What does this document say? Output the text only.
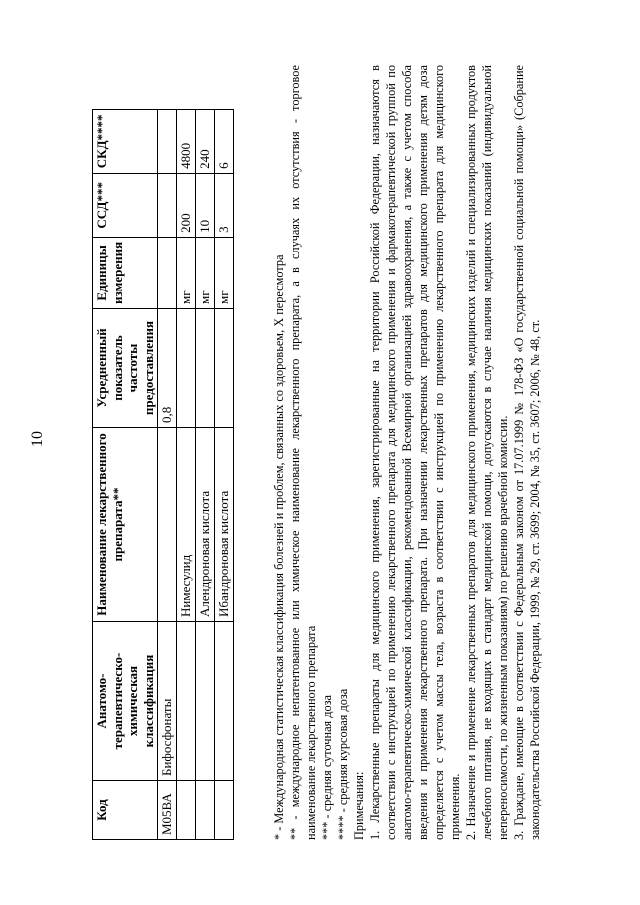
10
Код	Анатомо-терапевтическо-химическая классификация	Наименование лекарственного препарата**	Усредненный показатель частоты предоставления	Единицы измерения	ССД***	СКД****
М05ВА	Бифосфонаты		0,8			
		Нимесулид		мг	200	4800
		Алендроновая кислота		мг	10	240
		Ибандроновая кислота		мг	3	6

* - Международная статистическая классификация болезней и проблем, связанных со здоровьем, X пересмотра ** - международное непатентованное или химическое наименование лекарственного препарата, а в случаях их отсутствия - торговое наименование лекарственного препарата *** - средняя суточная доза **** - средняя курсовая доза Примечания: 1. Лекарственные препараты для медицинского применения, зарегистрированные на территории Российской Федерации, назначаются в соответствии с инструкцией по применению лекарственного препарата для медицинского применения и фармакотерапевтической группой по анатомо-терапевтическо-химической классификации, рекомендованной Всемирной организацией здравоохранения, а также с учетом способа введения и применения лекарственного препарата. При назначении лекарственных препаратов для медицинского применения детям доза определяется с учетом массы тела, возраста в соответствии с инструкцией по применению лекарственного препарата для медицинского применения. 2. Назначение и применение лекарственных препаратов для медицинского применения, медицинских изделий и специализированных продуктов лечебного питания, не входящих в стандарт медицинской помощи, допускаются в случае наличия медицинских показаний (индивидуальной непереносимости, по жизненным показаниям) по решению врачебной комиссии. 3. Граждане, имеющие в соответствии с Федеральным законом от 17.07.1999 № 178-ФЗ «О государственной социальной помощи» (Собрание законодательства Российской Федерации, 1999, № 29, ст. 3699; 2004, № 35, ст. 3607; 2006, № 48, ст.
